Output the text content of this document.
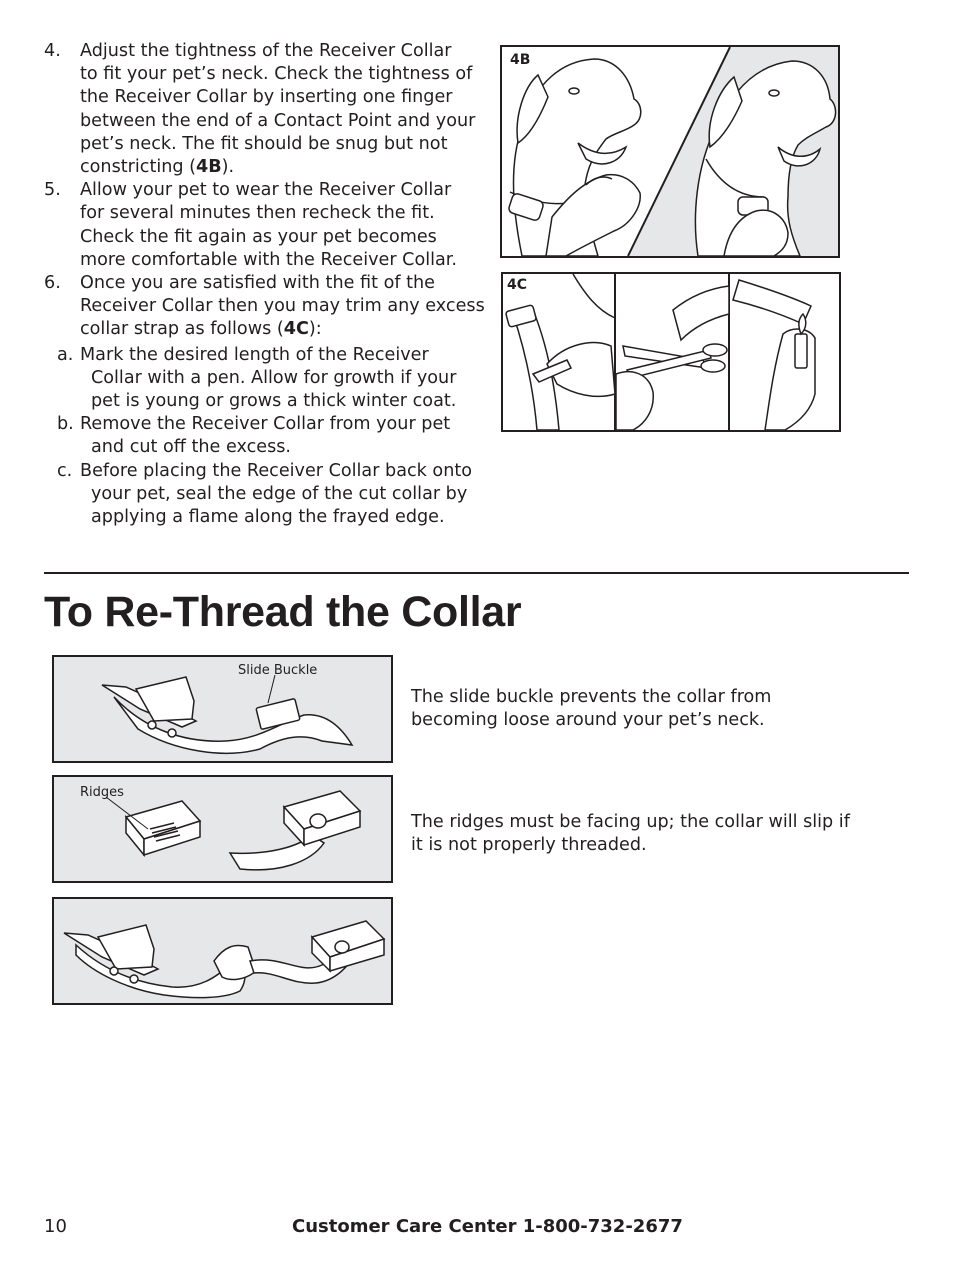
4. Adjust the tightness of the Receiver Collar
to fit your pet’s neck. Check the tightness of
the Receiver Collar by inserting one finger
between the end of a Contact Point and your
pet’s neck. The fit should be snug but not
constricting (4B).
5. Allow your pet to wear the Receiver Collar
for several minutes then recheck the fit.
Check the fit again as your pet becomes
more comfortable with the Receiver Collar.
6. Once you are satisfied with the fit of the
Receiver Collar then you may trim any excess
collar strap as follows (4C):
a. Mark the desired length of the Receiver
Collar with a pen. Allow for growth if your
pet is young or grows a thick winter coat.
b. Remove the Receiver Collar from your pet
and cut off the excess.
c. Before placing the Receiver Collar back onto
your pet, seal the edge of the cut collar by
applying a flame along the frayed edge.
4B
4C
To Re-Thread the Collar
Slide Buckle

The slide buckle prevents the collar from
becoming loose around your pet’s neck.

Ridges

The ridges must be facing up; the collar will slip if
it is not properly threaded.

10	Customer Care Center 1-800-732-2677
